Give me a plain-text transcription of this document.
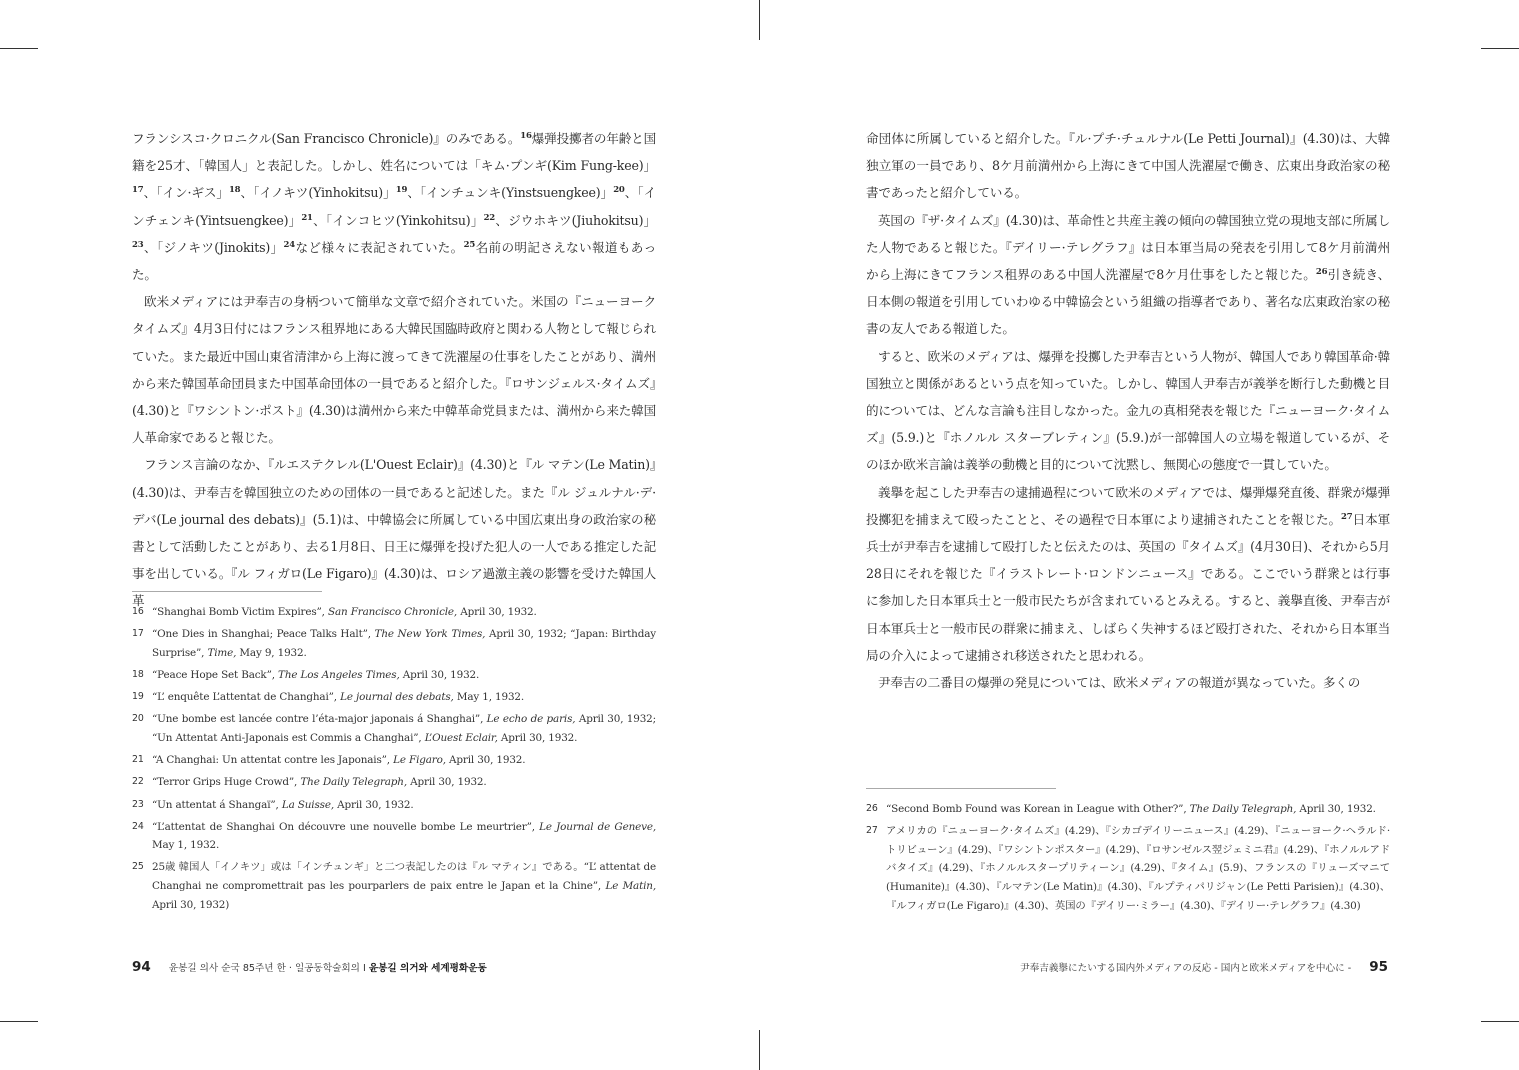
フランシスコ·クロニクル(San Francisco Chronicle)』のみである。$^{16}$爆弾投擲者の年齢と国籍を25才、「韓国人」と表記した。しかし、姓名については「キム·プンギ(Kim Fung-kee)」$^{17}$、「イン·ギス」$^{18}$、「イノキツ(Yinhokitsu)」$^{19}$、「インチュンキ(Yinstsuengkee)」$^{20}$、「インチェンキ(Yintsuengkee)」$^{21}$、「インコヒツ(Yinkohitsu)」$^{22}$、ジウホキツ(Jiuhokitsu)」$^{23}$、「ジノキツ(Jinokits)」$^{24}$など様々に表記されていた。$^{25}$名前の明記さえない報道もあった。

欧米メディアには尹奉吉の身柄ついて簡単な文章で紹介されていた。米国の『ニューヨークタイムズ』4月3日付にはフランス租界地にある大韓民国臨時政府と関わる人物として報じられていた。また最近中国山東省清津から上海に渡ってきて洗濯屋の仕事をしたことがあり、満州から来た韓国革命団員また中国革命団体の一員であると紹介した。『ロサンジェルス·タイムズ』(4.30)と『ワシントン·ポスト』(4.30)は満州から来た中韓革命党員または、満州から来た韓国人革命家であると報じた。

フランス言論のなか、『ルエステクレル(L'Ouest Eclair)』(4.30)と『ル マテン(Le Matin)』(4.30)は、尹奉吉を韓国独立のための団体の一員であると記述した。また『ル ジュルナル·デ·デバ(Le journal des debats)』(5.1)は、中韓協会に所属している中国広東出身の政治家の秘書として活動したことがあり、去る1月8日、日王に爆弾を投げた犯人の一人である推定した記事を出している。『ル フィガロ(Le Figaro)』(4.30)は、ロシア過激主義の影響を受けた韓国人革

16 “Shanghai Bomb Victim Expires”, San Francisco Chronicle, April 30, 1932.
17 “One Dies in Shanghai; Peace Talks Halt”, The New York Times, April 30, 1932; “Japan: Birthday Surprise”, Time, May 9, 1932.
18 “Peace Hope Set Back”, The Los Angeles Times, April 30, 1932.
19 “L’ enquête L’attentat de Changhai”, Le journal des debats, May 1, 1932.
20 “Une bombe est lancée contre l’éta-major japonais á Shanghai”, Le echo de paris, April 30, 1932; “Un Attentat Anti-Japonais est Commis a Changhai”, L’Ouest Eclair, April 30, 1932.
21 “A Changhai: Un attentat contre les Japonais”, Le Figaro, April 30, 1932.
22 “Terror Grips Huge Crowd”, The Daily Telegraph, April 30, 1932.
23 “Un attentat á Shangaï”, La Suisse, April 30, 1932.
24 “L’attentat de Shanghai On découvre une nouvelle bombe Le meurtrier”, Le Journal de Geneve, May 1, 1932.
25 25歳 韓国人「イノキツ」或は「インチュンギ」と二つ表記したのは『ル マティン』である。“L’ attentat de Changhai ne compromettrait pas les pourparlers de paix entre le Japan et la Chine”, Le Matin, April 30, 1932)
94 윤봉길 의사 순국 85주년 한 · 일공동학술회의 I 윤봉길 의거와 세계평화운동

命団体に所属していると紹介した。『ル·プチ·チュルナル(Le Petti Journal)』(4.30)は、大韓独立軍の一員であり、8ケ月前満州から上海にきて中国人洗濯屋で働き、広東出身政治家の秘書であったと紹介している。

英国の『ザ·タイムズ』(4.30)は、革命性と共産主義の傾向の韓国独立党の現地支部に所属した人物であると報じた。『デイリー·テレグラフ』は日本軍当局の発表を引用して8ケ月前満州から上海にきてフランス租界のある中国人洗濯屋で8ケ月仕事をしたと報じた。$^{26}$引き続き、日本側の報道を引用していわゆる中韓協会という組織の指導者であり、著名な広東政治家の秘書の友人である報道した。

すると、欧米のメディアは、爆弾を投擲した尹奉吉という人物が、韓国人であり韓国革命·韓国独立と関係があるという点を知っていた。しかし、韓国人尹奉吉が義挙を断行した動機と目的については、どんな言論も注目しなかった。金九の真相発表を報じた『ニューヨーク·タイムズ』(5.9.)と『ホノルル スターブレティン』(5.9.)が一部韓国人の立場を報道しているが、そのほか欧米言論は義挙の動機と目的について沈黙し、無関心の態度で一貫していた。

義擧を起こした尹奉吉の逮捕過程について欧米のメディアでは、爆弾爆発直後、群衆が爆弾投擲犯を捕まえて殴ったことと、その過程で日本軍により逮捕されたことを報じた。$^{27}$日本軍兵士が尹奉吉を逮捕して殴打したと伝えたのは、英国の『タイムズ』(4月30日)、それから5月28日にそれを報じた『イラストレート·ロンドンニュース』である。ここでいう群衆とは行事に参加した日本軍兵士と一般市民たちが含まれているとみえる。すると、義擧直後、尹奉吉が日本軍兵士と一般市民の群衆に捕まえ、しばらく失神するほど殴打された、それから日本軍当局の介入によって逮捕され移送されたと思われる。

尹奉吉の二番目の爆弾の発見については、欧米メディアの報道が異なっていた。多くの

26 “Second Bomb Found was Korean in League with Other?”, The Daily Telegraph, April 30, 1932.
27 アメリカの『ニューヨーク·タイムズ』(4.29)、『シカゴデイリーニュース』(4.29)、『ニューヨーク·ヘラルド·トリビューン』(4.29)、『ワシントンポスター』(4.29)、『ロサンゼルス翌ジェミニ君』(4.29)、『ホノルルアドバタイズ』(4.29)、『ホノルルスタープリティーン』(4.29)、『タイム』(5.9)、フランスの『リューズマニて(Humanite)』(4.30)、『ルマテン(Le Matin)』(4.30)、『ルプティパリジャン(Le Petti Parisien)』(4.30)、『ルフィガロ(Le Figaro)』(4.30)、英国の『デイリー·ミラー』(4.30)、『デイリー·テレグラフ』(4.30)
尹奉吉義擧にたいする国内外メディアの反応 - 国内と欧米メディアを中心に - 95
